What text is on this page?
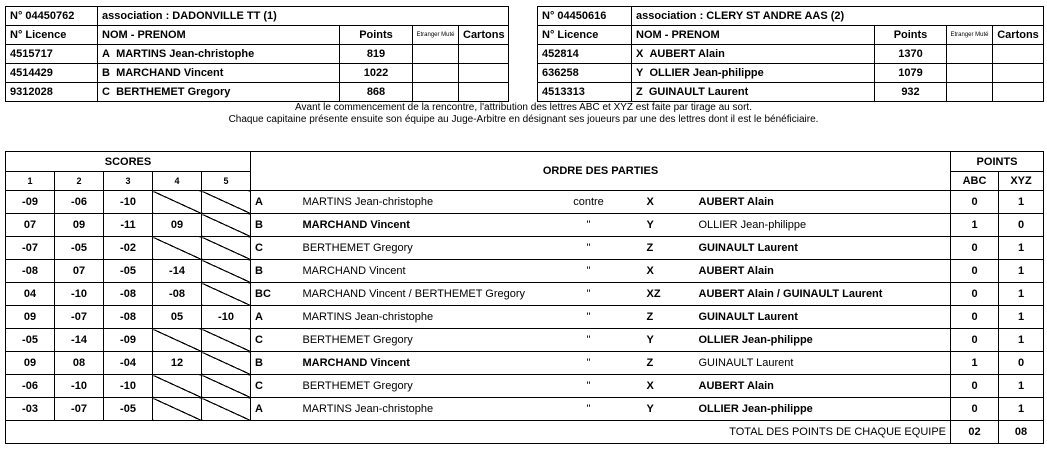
N° 04450762	association : DADONVILLE TT (1)			
N° Licence	NOM - PRENOM	Points	Etranger Muté	Cartons
4515717	A MARTINS Jean-christophe	819		
4514429	B MARCHAND Vincent	1022		
9312028	C BERTHEMET Gregory	868		
N° 04450616	association : CLERY ST ANDRE AAS (2)			
N° Licence	NOM - PRENOM	Points	Etranger Muté	Cartons
452814	X AUBERT Alain	1370		
636258	Y OLLIER Jean-philippe	1079		
4513313	Z GUINAULT Laurent	932		
Avant le commencement de la rencontre, l'attribution des lettres ABC et XYZ est faite par tirage au sort.
Chaque capitaine présente ensuite son équipe au Juge-Arbitre en désignant ses joueurs par une des lettres dont il est le bénéficiaire.
SCORES					ORDRE DES PARTIES					POINTS	
1	2	3	4	5						ABC	XYZ
-09	-06	-10			A	MARTINS Jean-christophe	contre	X	AUBERT Alain	0	1
07	09	-11	09		B	MARCHAND Vincent	"	Y	OLLIER Jean-philippe	1	0
-07	-05	-02			C	BERTHEMET Gregory	"	Z	GUINAULT Laurent	0	1
-08	07	-05	-14		B	MARCHAND Vincent	"	X	AUBERT Alain	0	1
04	-10	-08	-08		BC	MARCHAND Vincent / BERTHEMET Gregory	"	XZ	AUBERT Alain / GUINAULT Laurent	0	1
09	-07	-08	05	-10	A	MARTINS Jean-christophe	"	Z	GUINAULT Laurent	0	1
-05	-14	-09			C	BERTHEMET Gregory	"	Y	OLLIER Jean-philippe	0	1
09	08	-04	12		B	MARCHAND Vincent	"	Z	GUINAULT Laurent	1	0
-06	-10	-10			C	BERTHEMET Gregory	"	X	AUBERT Alain	0	1
-03	-07	-05			A	MARTINS Jean-christophe	"	Y	OLLIER Jean-philippe	0	1
TOTAL DES POINTS DE CHAQUE EQUIPE										02	08
